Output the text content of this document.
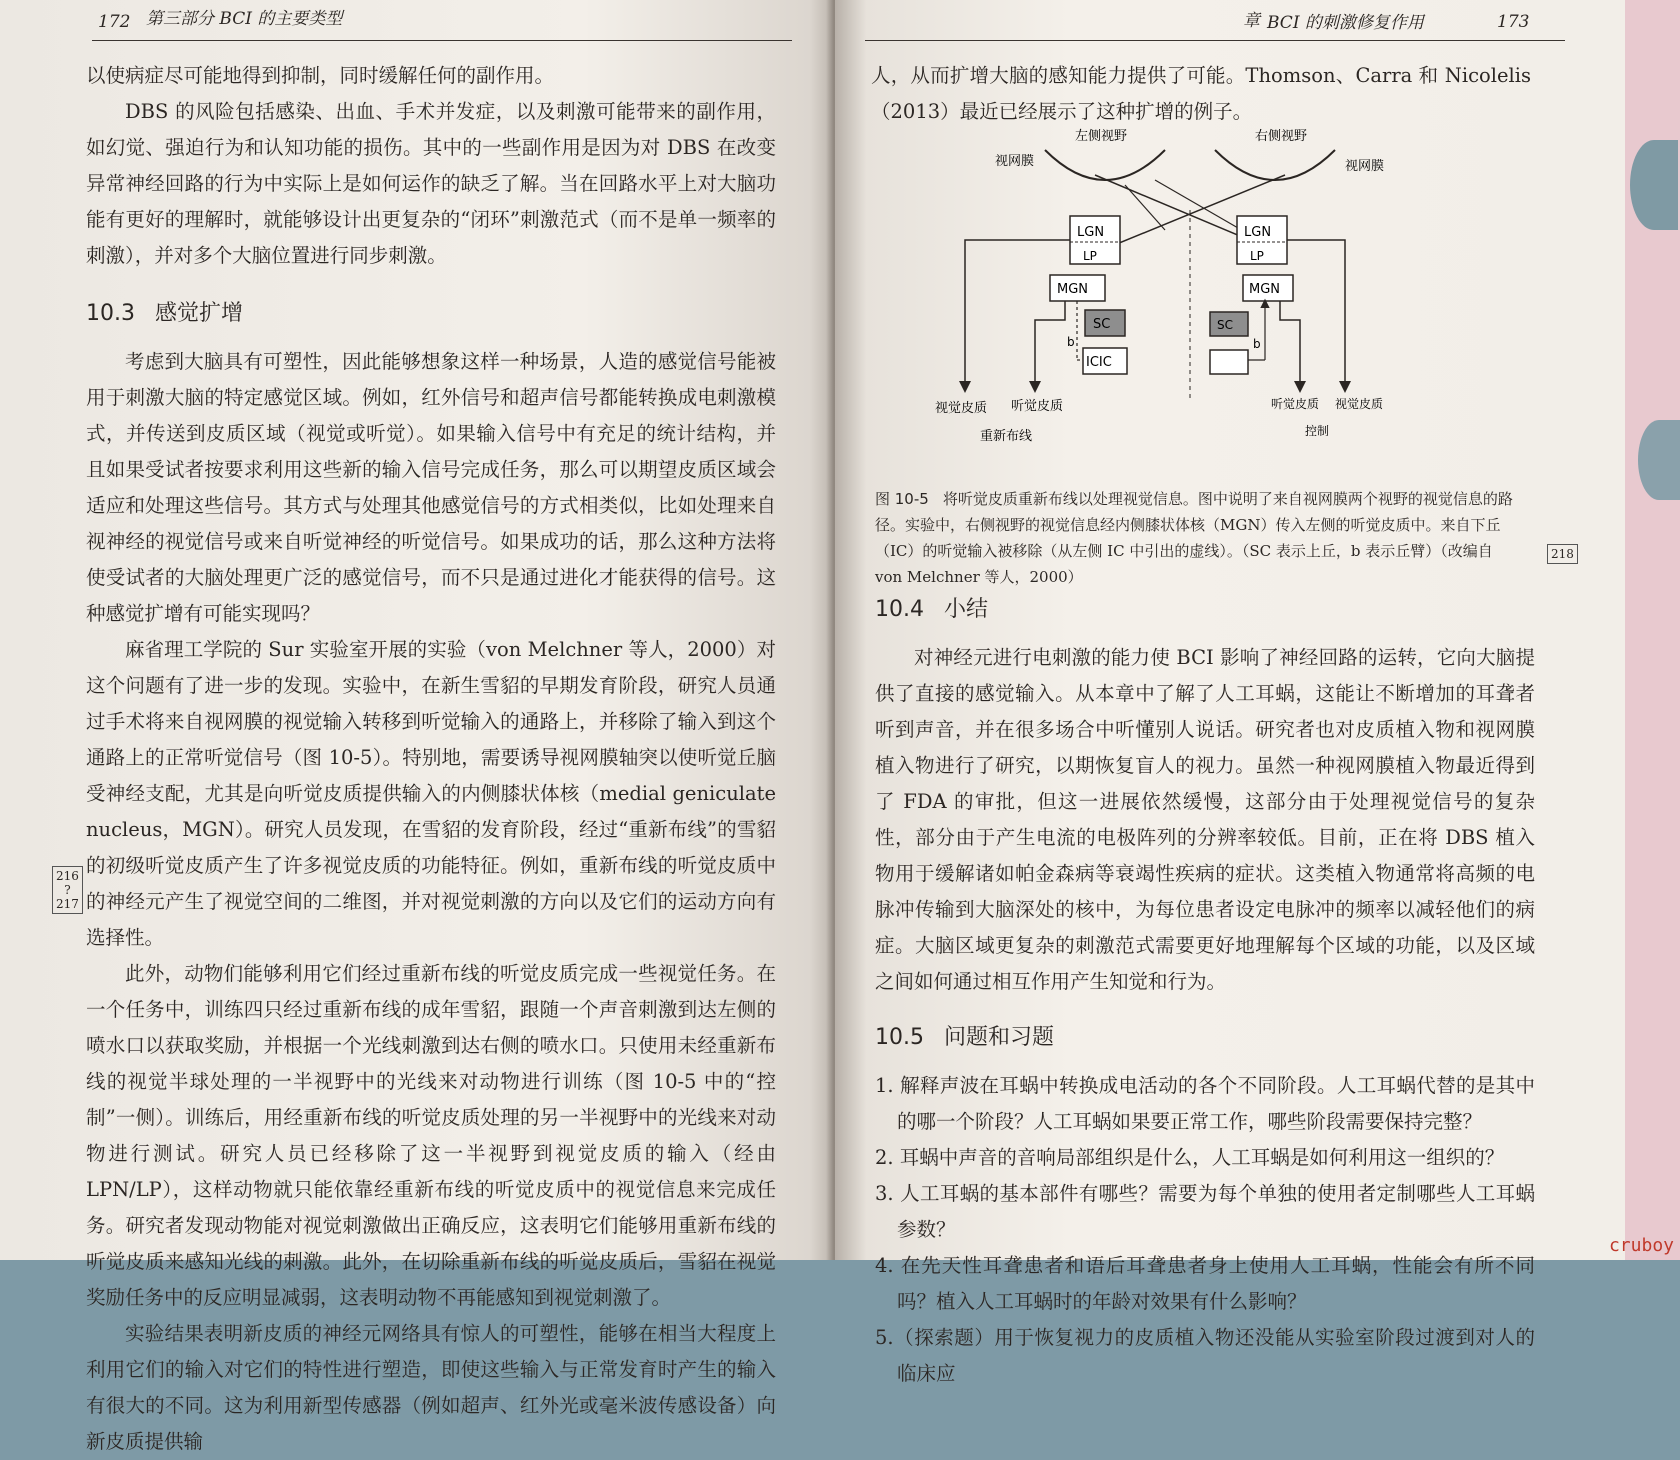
172 第三部分 BCI 的主要类型

以使病症尽可能地得到抑制，同时缓解任何的副作用。

DBS 的风险包括感染、出血、手术并发症，以及刺激可能带来的副作用，如幻觉、强迫行为和认知功能的损伤。其中的一些副作用是因为对 DBS 在改变异常神经回路的行为中实际上是如何运作的缺乏了解。当在回路水平上对大脑功能有更好的理解时，就能够设计出更复杂的“闭环”刺激范式（而不是单一频率的刺激），并对多个大脑位置进行同步刺激。

10.3 感觉扩增

考虑到大脑具有可塑性，因此能够想象这样一种场景，人造的感觉信号能被用于刺激大脑的特定感觉区域。例如，红外信号和超声信号都能转换成电刺激模式，并传送到皮质区域（视觉或听觉）。如果输入信号中有充足的统计结构，并且如果受试者按要求利用这些新的输入信号完成任务，那么可以期望皮质区域会适应和处理这些信号。其方式与处理其他感觉信号的方式相类似，比如处理来自视神经的视觉信号或来自听觉神经的听觉信号。如果成功的话，那么这种方法将使受试者的大脑处理更广泛的感觉信号，而不只是通过进化才能获得的信号。这种感觉扩增有可能实现吗？

麻省理工学院的 Sur 实验室开展的实验（von Melchner 等人，2000）对这个问题有了进一步的发现。实验中，在新生雪貂的早期发育阶段，研究人员通过手术将来自视网膜的视觉输入转移到听觉输入的通路上，并移除了输入到这个通路上的正常听觉信号（图 10-5）。特别地，需要诱导视网膜轴突以使听觉丘脑受神经支配，尤其是向听觉皮质提供输入的内侧膝状体核（medial geniculate nucleus，MGN）。研究人员发现，在雪貂的发育阶段，经过“重新布线”的雪貂的初级听觉皮质产生了许多视觉皮质的功能特征。例如，重新布线的听觉皮质中的神经元产生了视觉空间的二维图，并对视觉刺激的方向以及它们的运动方向有选择性。

此外，动物们能够利用它们经过重新布线的听觉皮质完成一些视觉任务。在一个任务中，训练四只经过重新布线的成年雪貂，跟随一个声音刺激到达左侧的喷水口以获取奖励，并根据一个光线刺激到达右侧的喷水口。只使用未经重新布线的视觉半球处理的一半视野中的光线来对动物进行训练（图 10-5 中的“控制”一侧）。训练后，用经重新布线的听觉皮质处理的另一半视野中的光线来对动物进行测试。研究人员已经移除了这一半视野到视觉皮质的输入（经由 LPN/LP），这样动物就只能依靠经重新布线的听觉皮质中的视觉信息来完成任务。研究者发现动物能对视觉刺激做出正确反应，这表明它们能够用重新布线的听觉皮质来感知光线的刺激。此外，在切除重新布线的听觉皮质后，雪貂在视觉奖励任务中的反应明显减弱，这表明动物不再能感知到视觉刺激了。

实验结果表明新皮质的神经元网络具有惊人的可塑性，能够在相当大程度上利用它们的输入对它们的特性进行塑造，即使这些输入与正常发育时产生的输入有很大的不同。这为利用新型传感器（例如超声、红外光或毫米波传感设备）向新皮质提供输

216
?
217
章 BCI 的刺激修复作用	173

人，从而扩增大脑的感知能力提供了可能。Thomson、Carra 和 Nicolelis（2013）最近已经展示了这种扩增的例子。

左侧视野	右侧视野
视网膜	视网膜
LGN
LP
LGN
LP
MGN	MGN
SC	SC
ICIC
b	b
视觉皮质 听觉皮质	听觉皮质 视觉皮质
重新布线	控制
图 10-5 将听觉皮质重新布线以处理视觉信息。图中说明了来自视网膜两个视野的视觉信息的路径。实验中，右侧视野的视觉信息经内侧膝状体核（MGN）传入左侧的听觉皮质中。来自下丘（IC）的听觉输入被移除（从左侧 IC 中引出的虚线）。（SC 表示上丘，b 表示丘臂）（改编自 von Melchner 等人，2000）
218
10.4 小结

对神经元进行电刺激的能力使 BCI 影响了神经回路的运转，它向大脑提供了直接的感觉输入。从本章中了解了人工耳蜗，这能让不断增加的耳聋者听到声音，并在很多场合中听懂别人说话。研究者也对皮质植入物和视网膜植入物进行了研究，以期恢复盲人的视力。虽然一种视网膜植入物最近得到了 FDA 的审批，但这一进展依然缓慢，这部分由于处理视觉信号的复杂性，部分由于产生电流的电极阵列的分辨率较低。目前，正在将 DBS 植入物用于缓解诸如帕金森病等衰竭性疾病的症状。这类植入物通常将高频的电脉冲传输到大脑深处的核中，为每位患者设定电脉冲的频率以减轻他们的病症。大脑区域更复杂的刺激范式需要更好地理解每个区域的功能，以及区域之间如何通过相互作用产生知觉和行为。

10.5 问题和习题
1. 解释声波在耳蜗中转换成电活动的各个不同阶段。人工耳蜗代替的是其中的哪一个阶段？人工耳蜗如果要正常工作，哪些阶段需要保持完整？
2. 耳蜗中声音的音响局部组织是什么，人工耳蜗是如何利用这一组织的？
3. 人工耳蜗的基本部件有哪些？需要为每个单独的使用者定制哪些人工耳蜗参数？
4. 在先天性耳聋患者和语后耳聋患者身上使用人工耳蜗，性能会有所不同吗？植入人工耳蜗时的年龄对效果有什么影响？
5.（探索题）用于恢复视力的皮质植入物还没能从实验室阶段过渡到对人的临床应
cruboy
